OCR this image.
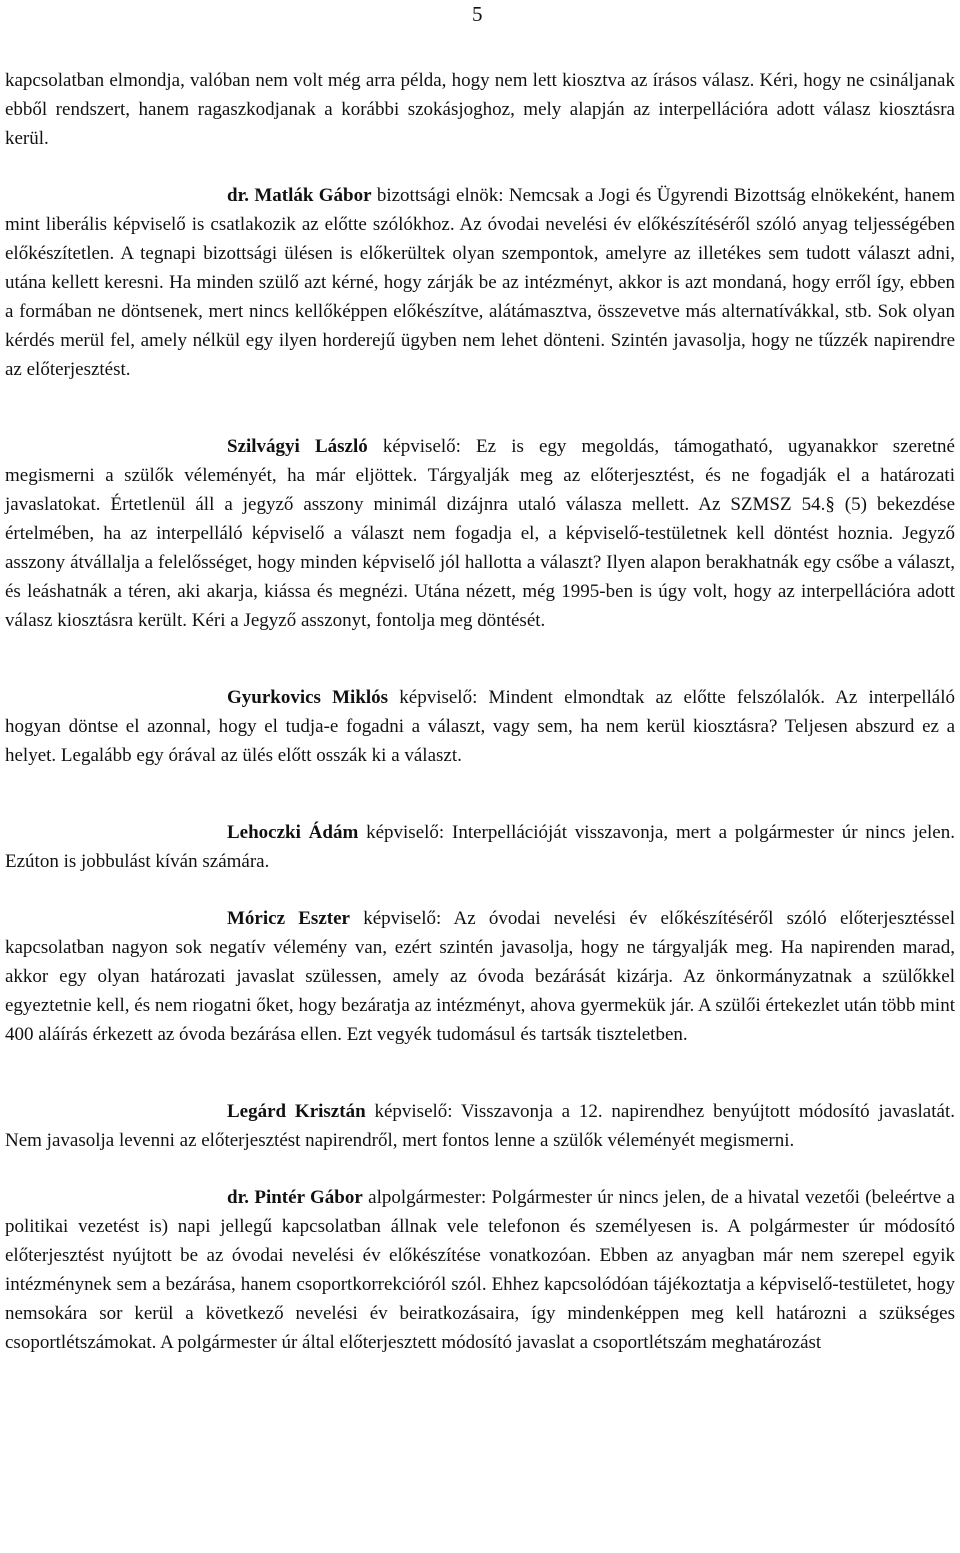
5

kapcsolatban elmondja, valóban nem volt még arra példa, hogy nem lett kiosztva az írásos válasz. Kéri, hogy ne csináljanak ebből rendszert, hanem ragaszkodjanak a korábbi szokásjoghoz, mely alapján az interpellációra adott válasz kiosztásra kerül.

dr. Matlák Gábor bizottsági elnök: Nemcsak a Jogi és Ügyrendi Bizottság elnökeként, hanem mint liberális képviselő is csatlakozik az előtte szólókhoz. Az óvodai nevelési év előkészítéséről szóló anyag teljességében előkészítetlen. A tegnapi bizottsági ülésen is előkerültek olyan szempontok, amelyre az illetékes sem tudott választ adni, utána kellett keresni. Ha minden szülő azt kérné, hogy zárják be az intézményt, akkor is azt mondaná, hogy erről így, ebben a formában ne döntsenek, mert nincs kellőképpen előkészítve, alátámasztva, összevetve más alternatívákkal, stb. Sok olyan kérdés merül fel, amely nélkül egy ilyen horderejű ügyben nem lehet dönteni. Szintén javasolja, hogy ne tűzzék napirendre az előterjesztést.

Szilvágyi László képviselő: Ez is egy megoldás, támogatható, ugyanakkor szeretné megismerni a szülők véleményét, ha már eljöttek. Tárgyalják meg az előterjesztést, és ne fogadják el a határozati javaslatokat. Értetlenül áll a jegyző asszony minimál dizájnra utaló válasza mellett. Az SZMSZ 54.§ (5) bekezdése értelmében, ha az interpelláló képviselő a választ nem fogadja el, a képviselő-testületnek kell döntést hoznia. Jegyző asszony átvállalja a felelősséget, hogy minden képviselő jól hallotta a választ? Ilyen alapon berakhatnák egy csőbe a választ, és leáshatnák a téren, aki akarja, kiássa és megnézi. Utána nézett, még 1995-ben is úgy volt, hogy az interpellációra adott válasz kiosztásra került. Kéri a Jegyző asszonyt, fontolja meg döntését.

Gyurkovics Miklós képviselő: Mindent elmondtak az előtte felszólalók. Az interpelláló hogyan döntse el azonnal, hogy el tudja-e fogadni a választ, vagy sem, ha nem kerül kiosztásra? Teljesen abszurd ez a helyet. Legalább egy órával az ülés előtt osszák ki a választ.

Lehoczki Ádám képviselő: Interpellációját visszavonja, mert a polgármester úr nincs jelen. Ezúton is jobbulást kíván számára.

Móricz Eszter képviselő: Az óvodai nevelési év előkészítéséről szóló előterjesztéssel kapcsolatban nagyon sok negatív vélemény van, ezért szintén javasolja, hogy ne tárgyalják meg. Ha napirenden marad, akkor egy olyan határozati javaslat szülessen, amely az óvoda bezárását kizárja. Az önkormányzatnak a szülőkkel egyeztetnie kell, és nem riogatni őket, hogy bezáratja az intézményt, ahova gyermekük jár. A szülői értekezlet után több mint 400 aláírás érkezett az óvoda bezárása ellen. Ezt vegyék tudomásul és tartsák tiszteletben.

Legárd Krisztán képviselő: Visszavonja a 12. napirendhez benyújtott módosító javaslatát. Nem javasolja levenni az előterjesztést napirendről, mert fontos lenne a szülők véleményét megismerni.

dr. Pintér Gábor alpolgármester: Polgármester úr nincs jelen, de a hivatal vezetői (beleértve a politikai vezetést is) napi jellegű kapcsolatban állnak vele telefonon és személyesen is. A polgármester úr módosító előterjesztést nyújtott be az óvodai nevelési év előkészítése vonatkozóan. Ebben az anyagban már nem szerepel egyik intézménynek sem a bezárása, hanem csoportkorrekcióról szól. Ehhez kapcsolódóan tájékoztatja a képviselő-testületet, hogy nemsokára sor kerül a következő nevelési év beiratkozásaira, így mindenképpen meg kell határozni a szükséges csoportlétszámokat. A polgármester úr által előterjesztett módosító javaslat a csoportlétszám meghatározást
